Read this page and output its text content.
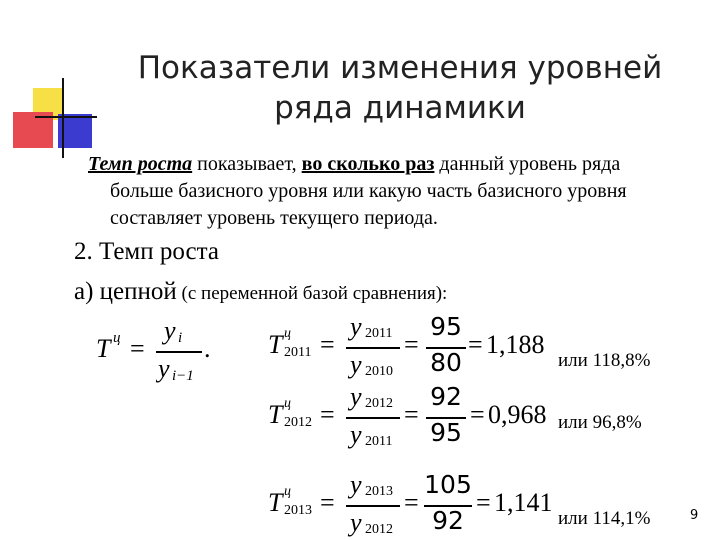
Показатели изменения уровней
ряда динамики
Темп роста показывает, во сколько раз данный уровень ряда
больше базисного уровня или какую часть базисного уровня
составляет уровень текущего периода.
2. Темп роста
а) цепной (с переменной базой сравнения):
T ц =
y i
y i−1
. T ц
2011 =
y 2011
y 2010
=
95
80
= 1,188
или 118,8%
T ц
2012 =
y 2012
y 2011
=
92
95
= 0,968 или 96,8%
T ц
2013 =
y 2013
y 2012
=
105
92
= 1,141
или 114,1%	9
